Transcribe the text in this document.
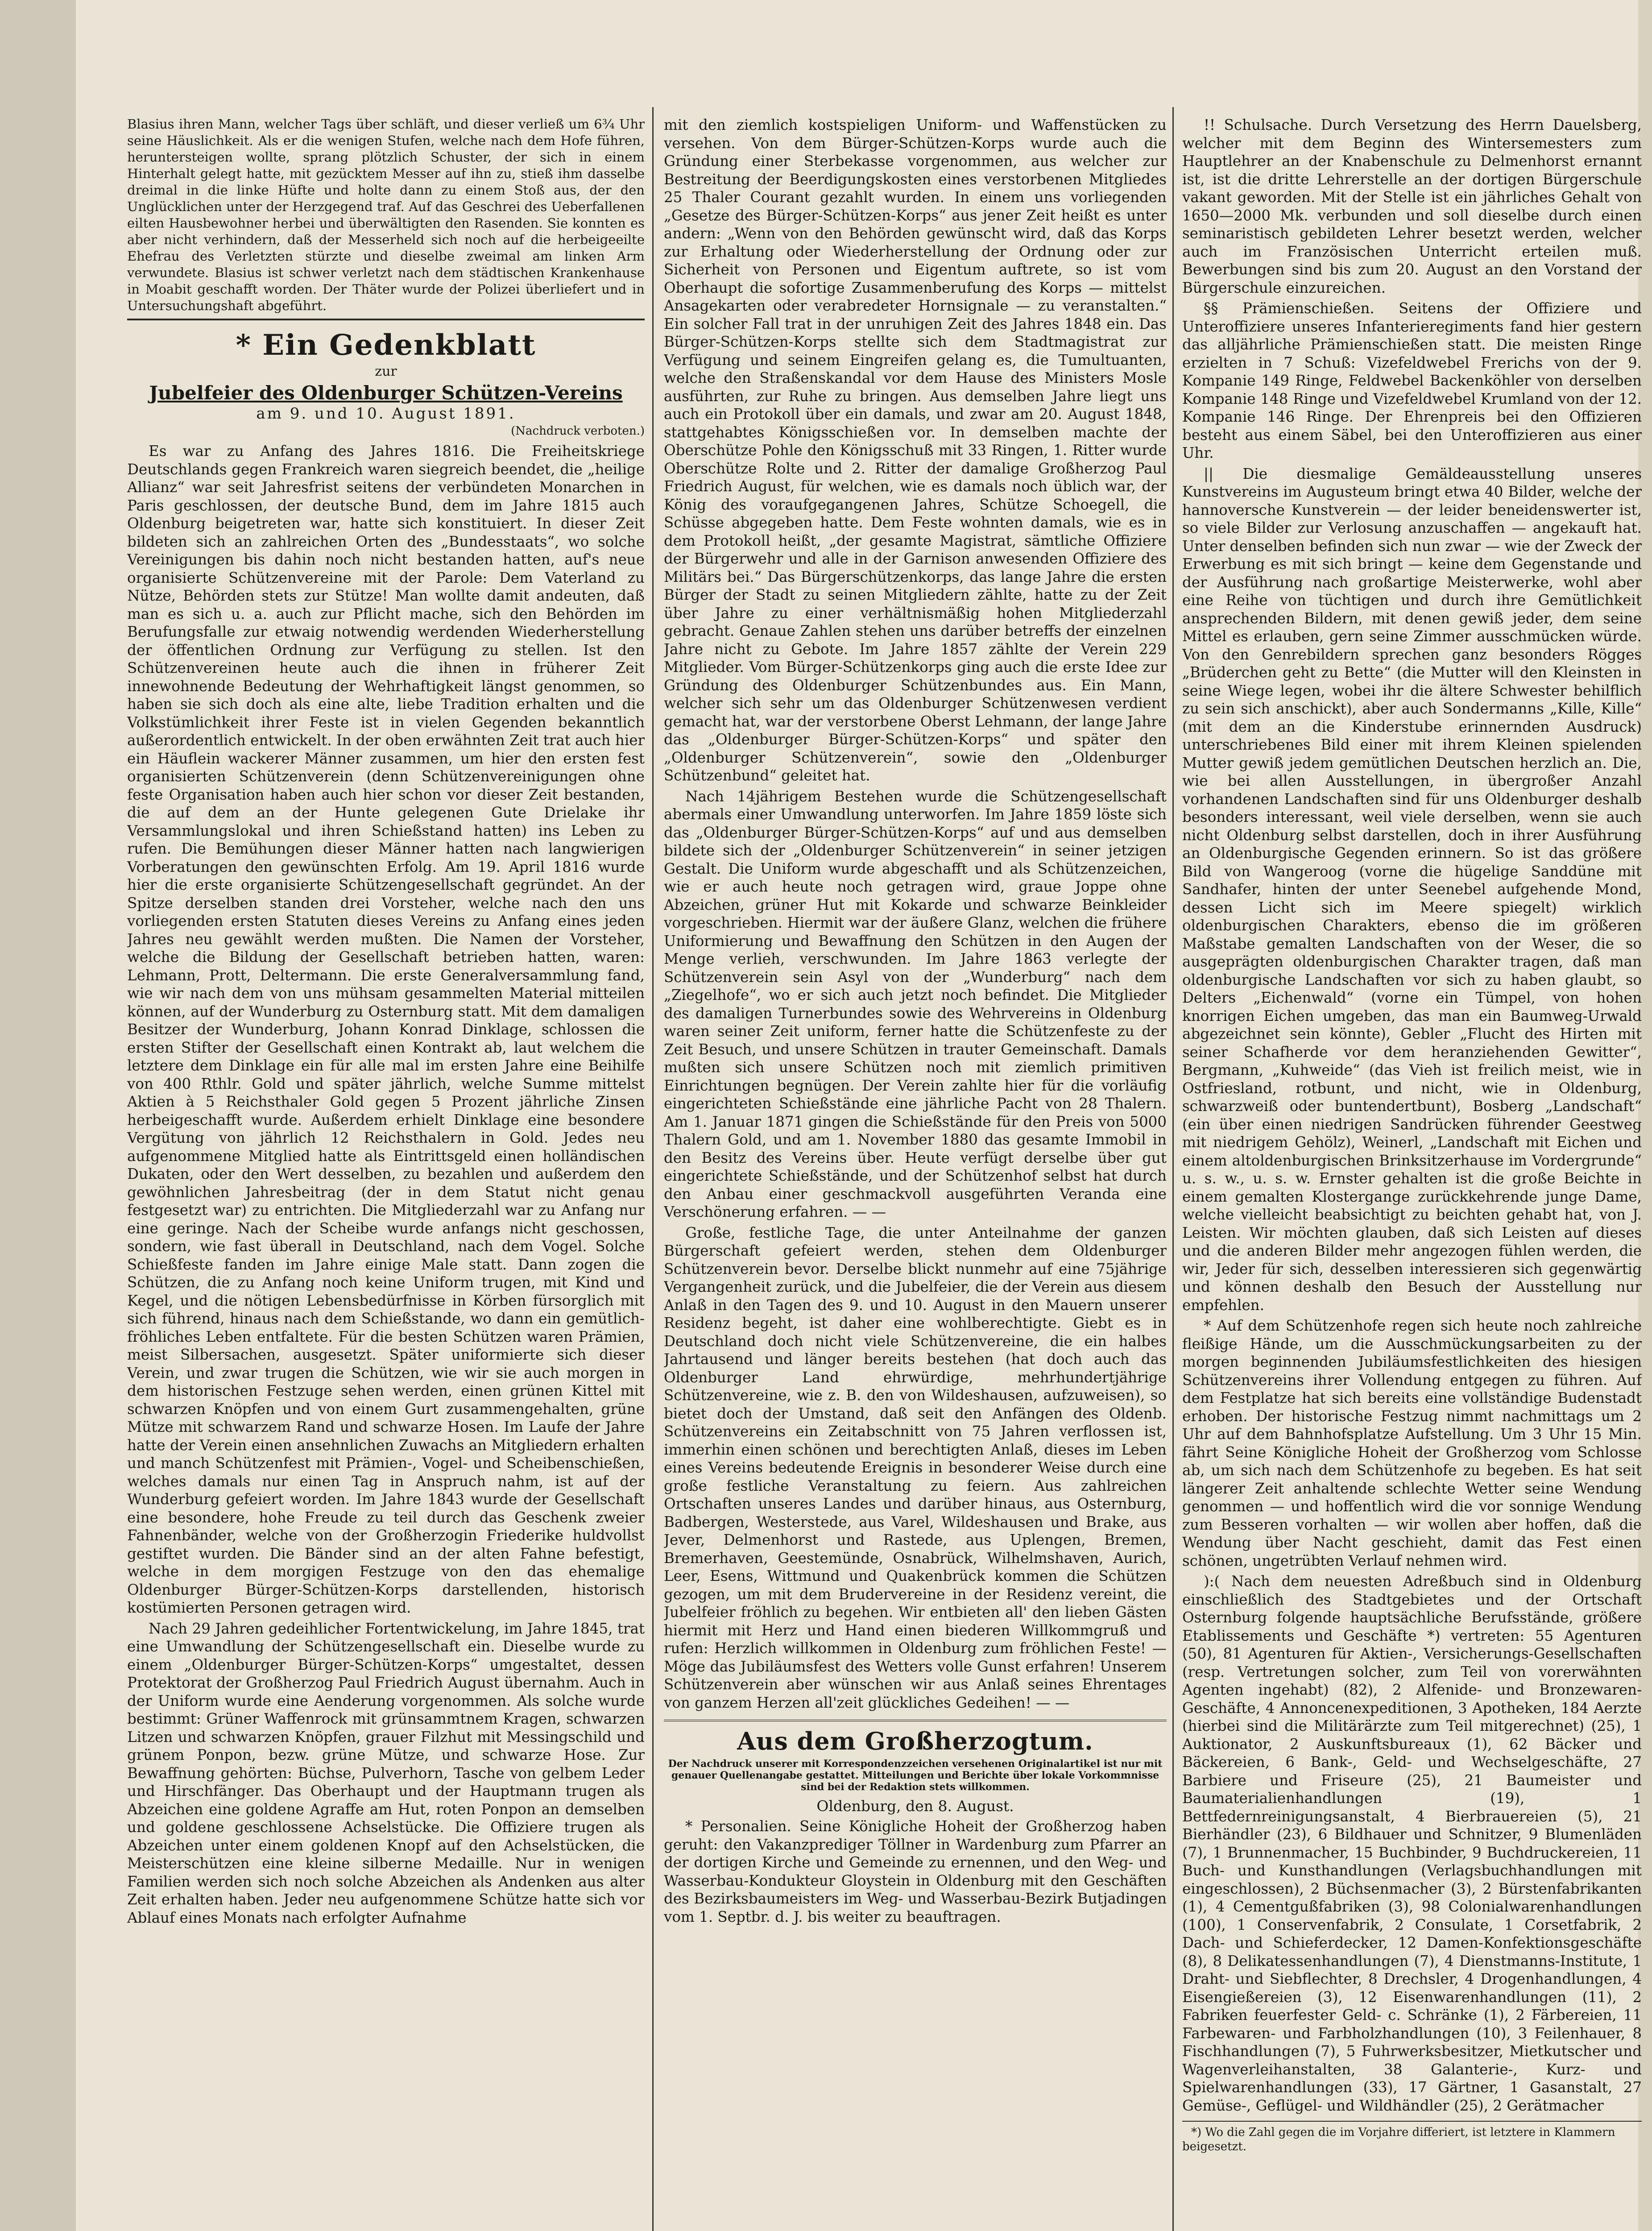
Blasius ihren Mann, welcher Tags über schläft, und dieser verließ um 6¾ Uhr seine Häuslichkeit. Als er die wenigen Stufen, welche nach dem Hofe führen, heruntersteigen wollte, sprang plötzlich Schuster, der sich in einem Hinterhalt gelegt hatte, mit gezücktem Messer auf ihn zu, stieß ihm dasselbe dreimal in die linke Hüfte und holte dann zu einem Stoß aus, der den Unglücklichen unter der Herzgegend traf. Auf das Geschrei des Ueberfallenen eilten Hausbewohner herbei und überwältigten den Rasenden. Sie konnten es aber nicht verhindern, daß der Messerheld sich noch auf die herbeigeeilte Ehefrau des Verletzten stürzte und dieselbe zweimal am linken Arm verwundete. Blasius ist schwer verletzt nach dem städtischen Krankenhause in Moabit geschafft worden. Der Thäter wurde der Polizei überliefert und in Untersuchungshaft abgeführt.

* Ein Gedenkblatt
zur
Jubelfeier des Oldenburger Schützen-Vereins
am 9. und 10. August 1891.
(Nachdruck verboten.)

Es war zu Anfang des Jahres 1816. Die Freiheitskriege Deutschlands gegen Frankreich waren siegreich beendet, die „heilige Allianz“ war seit Jahresfrist seitens der verbündeten Monarchen in Paris geschlossen, der deutsche Bund, dem im Jahre 1815 auch Oldenburg beigetreten war, hatte sich konstituiert. In dieser Zeit bildeten sich an zahlreichen Orten des „Bundesstaats“, wo solche Vereinigungen bis dahin noch nicht bestanden hatten, auf's neue organisierte Schützenvereine mit der Parole: Dem Vaterland zu Nütze, Behörden stets zur Stütze! Man wollte damit andeuten, daß man es sich u. a. auch zur Pflicht mache, sich den Behörden im Berufungsfalle zur etwaig notwendig werdenden Wiederherstellung der öffentlichen Ordnung zur Verfügung zu stellen. Ist den Schützenvereinen heute auch die ihnen in früherer Zeit innewohnende Bedeutung der Wehrhaftigkeit längst genommen, so haben sie sich doch als eine alte, liebe Tradition erhalten und die Volkstümlichkeit ihrer Feste ist in vielen Gegenden bekanntlich außerordentlich entwickelt. In der oben erwähnten Zeit trat auch hier ein Häuflein wackerer Männer zusammen, um hier den ersten fest organisierten Schützenverein (denn Schützenvereinigungen ohne feste Organisation haben auch hier schon vor dieser Zeit bestanden, die auf dem an der Hunte gelegenen Gute Drielake ihr Versammlungslokal und ihren Schießstand hatten) ins Leben zu rufen. Die Bemühungen dieser Männer hatten nach langwierigen Vorberatungen den gewünschten Erfolg. Am 19. April 1816 wurde hier die erste organisierte Schützengesellschaft gegründet. An der Spitze derselben standen drei Vorsteher, welche nach den uns vorliegenden ersten Statuten dieses Vereins zu Anfang eines jeden Jahres neu gewählt werden mußten. Die Namen der Vorsteher, welche die Bildung der Gesellschaft betrieben hatten, waren: Lehmann, Prott, Deltermann. Die erste Generalversammlung fand, wie wir nach dem von uns mühsam gesammelten Material mitteilen können, auf der Wunderburg zu Osternburg statt. Mit dem damaligen Besitzer der Wunderburg, Johann Konrad Dinklage, schlossen die ersten Stifter der Gesellschaft einen Kontrakt ab, laut welchem die letztere dem Dinklage ein für alle mal im ersten Jahre eine Beihilfe von 400 Rthlr. Gold und später jährlich, welche Summe mittelst Aktien à 5 Reichsthaler Gold gegen 5 Prozent jährliche Zinsen herbeigeschafft wurde. Außerdem erhielt Dinklage eine besondere Vergütung von jährlich 12 Reichsthalern in Gold. Jedes neu aufgenommene Mitglied hatte als Eintrittsgeld einen holländischen Dukaten, oder den Wert desselben, zu bezahlen und außerdem den gewöhnlichen Jahresbeitrag (der in dem Statut nicht genau festgesetzt war) zu entrichten. Die Mitgliederzahl war zu Anfang nur eine geringe. Nach der Scheibe wurde anfangs nicht geschossen, sondern, wie fast überall in Deutschland, nach dem Vogel. Solche Schießfeste fanden im Jahre einige Male statt. Dann zogen die Schützen, die zu Anfang noch keine Uniform trugen, mit Kind und Kegel, und die nötigen Lebensbedürfnisse in Körben fürsorglich mit sich führend, hinaus nach dem Schießstande, wo dann ein gemütlich-fröhliches Leben entfaltete. Für die besten Schützen waren Prämien, meist Silbersachen, ausgesetzt. Später uniformierte sich dieser Verein, und zwar trugen die Schützen, wie wir sie auch morgen in dem historischen Festzuge sehen werden, einen grünen Kittel mit schwarzen Knöpfen und von einem Gurt zusammengehalten, grüne Mütze mit schwarzem Rand und schwarze Hosen. Im Laufe der Jahre hatte der Verein einen ansehnlichen Zuwachs an Mitgliedern erhalten und manch Schützenfest mit Prämien-, Vogel- und Scheibenschießen, welches damals nur einen Tag in Anspruch nahm, ist auf der Wunderburg gefeiert worden. Im Jahre 1843 wurde der Gesellschaft eine besondere, hohe Freude zu teil durch das Geschenk zweier Fahnenbänder, welche von der Großherzogin Friederike huldvollst gestiftet wurden. Die Bänder sind an der alten Fahne befestigt, welche in dem morgigen Festzuge von den das ehemalige Oldenburger Bürger-Schützen-Korps darstellenden, historisch kostümierten Personen getragen wird.

Nach 29 Jahren gedeihlicher Fortentwickelung, im Jahre 1845, trat eine Umwandlung der Schützengesellschaft ein. Dieselbe wurde zu einem „Oldenburger Bürger-Schützen-Korps“ umgestaltet, dessen Protektorat der Großherzog Paul Friedrich August übernahm. Auch in der Uniform wurde eine Aenderung vorgenommen. Als solche wurde bestimmt: Grüner Waffenrock mit grünsammtnem Kragen, schwarzen Litzen und schwarzen Knöpfen, grauer Filzhut mit Messingschild und grünem Ponpon, bezw. grüne Mütze, und schwarze Hose. Zur Bewaffnung gehörten: Büchse, Pulverhorn, Tasche von gelbem Leder und Hirschfänger. Das Oberhaupt und der Hauptmann trugen als Abzeichen eine goldene Agraffe am Hut, roten Ponpon an demselben und goldene geschlossene Achselstücke. Die Offiziere trugen als Abzeichen unter einem goldenen Knopf auf den Achselstücken, die Meisterschützen eine kleine silberne Medaille. Nur in wenigen Familien werden sich noch solche Abzeichen als Andenken aus alter Zeit erhalten haben. Jeder neu aufgenommene Schütze hatte sich vor Ablauf eines Monats nach erfolgter Aufnahme

mit den ziemlich kostspieligen Uniform- und Waffenstücken zu versehen. Von dem Bürger-Schützen-Korps wurde auch die Gründung einer Sterbekasse vorgenommen, aus welcher zur Bestreitung der Beerdigungskosten eines verstorbenen Mitgliedes 25 Thaler Courant gezahlt wurden. In einem uns vorliegenden „Gesetze des Bürger-Schützen-Korps“ aus jener Zeit heißt es unter andern: „Wenn von den Behörden gewünscht wird, daß das Korps zur Erhaltung oder Wiederherstellung der Ordnung oder zur Sicherheit von Personen und Eigentum auftrete, so ist vom Oberhaupt die sofortige Zusammenberufung des Korps — mittelst Ansagekarten oder verabredeter Hornsignale — zu veranstalten.“ Ein solcher Fall trat in der unruhigen Zeit des Jahres 1848 ein. Das Bürger-Schützen-Korps stellte sich dem Stadtmagistrat zur Verfügung und seinem Eingreifen gelang es, die Tumultuanten, welche den Straßenskandal vor dem Hause des Ministers Mosle ausführten, zur Ruhe zu bringen. Aus demselben Jahre liegt uns auch ein Protokoll über ein damals, und zwar am 20. August 1848, stattgehabtes Königsschießen vor. In demselben machte der Oberschütze Pohle den Königsschuß mit 33 Ringen, 1. Ritter wurde Oberschütze Rolte und 2. Ritter der damalige Großherzog Paul Friedrich August, für welchen, wie es damals noch üblich war, der König des voraufgegangenen Jahres, Schütze Schoegell, die Schüsse abgegeben hatte. Dem Feste wohnten damals, wie es in dem Protokoll heißt, „der gesamte Magistrat, sämtliche Offiziere der Bürgerwehr und alle in der Garnison anwesenden Offiziere des Militärs bei.“ Das Bürgerschützenkorps, das lange Jahre die ersten Bürger der Stadt zu seinen Mitgliedern zählte, hatte zu der Zeit über Jahre zu einer verhältnismäßig hohen Mitgliederzahl gebracht. Genaue Zahlen stehen uns darüber betreffs der einzelnen Jahre nicht zu Gebote. Im Jahre 1857 zählte der Verein 229 Mitglieder. Vom Bürger-Schützenkorps ging auch die erste Idee zur Gründung des Oldenburger Schützenbundes aus. Ein Mann, welcher sich sehr um das Oldenburger Schützenwesen verdient gemacht hat, war der verstorbene Oberst Lehmann, der lange Jahre das „Oldenburger Bürger-Schützen-Korps“ und später den „Oldenburger Schützenverein“, sowie den „Oldenburger Schützenbund“ geleitet hat.

Nach 14jährigem Bestehen wurde die Schützengesellschaft abermals einer Umwandlung unterworfen. Im Jahre 1859 löste sich das „Oldenburger Bürger-Schützen-Korps“ auf und aus demselben bildete sich der „Oldenburger Schützenverein“ in seiner jetzigen Gestalt. Die Uniform wurde abgeschafft und als Schützenzeichen, wie er auch heute noch getragen wird, graue Joppe ohne Abzeichen, grüner Hut mit Kokarde und schwarze Beinkleider vorgeschrieben. Hiermit war der äußere Glanz, welchen die frühere Uniformierung und Bewaffnung den Schützen in den Augen der Menge verlieh, verschwunden. Im Jahre 1863 verlegte der Schützenverein sein Asyl von der „Wunderburg“ nach dem „Ziegelhofe“, wo er sich auch jetzt noch befindet. Die Mitglieder des damaligen Turnerbundes sowie des Wehrvereins in Oldenburg waren seiner Zeit uniform, ferner hatte die Schützenfeste zu der Zeit Besuch, und unsere Schützen in trauter Gemeinschaft. Damals mußten sich unsere Schützen noch mit ziemlich primitiven Einrichtungen begnügen. Der Verein zahlte hier für die vorläufig eingerichteten Schießstände eine jährliche Pacht von 28 Thalern. Am 1. Januar 1871 gingen die Schießstände für den Preis von 5000 Thalern Gold, und am 1. November 1880 das gesamte Immobil in den Besitz des Vereins über. Heute verfügt derselbe über gut eingerichtete Schießstände, und der Schützenhof selbst hat durch den Anbau einer geschmackvoll ausgeführten Veranda eine Verschönerung erfahren. — —

Große, festliche Tage, die unter Anteilnahme der ganzen Bürgerschaft gefeiert werden, stehen dem Oldenburger Schützenverein bevor. Derselbe blickt nunmehr auf eine 75jährige Vergangenheit zurück, und die Jubelfeier, die der Verein aus diesem Anlaß in den Tagen des 9. und 10. August in den Mauern unserer Residenz begeht, ist daher eine wohlberechtigte. Giebt es in Deutschland doch nicht viele Schützenvereine, die ein halbes Jahrtausend und länger bereits bestehen (hat doch auch das Oldenburger Land ehrwürdige, mehrhundertjährige Schützenvereine, wie z. B. den von Wildeshausen, aufzuweisen), so bietet doch der Umstand, daß seit den Anfängen des Oldenb. Schützenvereins ein Zeitabschnitt von 75 Jahren verflossen ist, immerhin einen schönen und berechtigten Anlaß, dieses im Leben eines Vereins bedeutende Ereignis in besonderer Weise durch eine große festliche Veranstaltung zu feiern. Aus zahlreichen Ortschaften unseres Landes und darüber hinaus, aus Osternburg, Badbergen, Westerstede, aus Varel, Wildeshausen und Brake, aus Jever, Delmenhorst und Rastede, aus Uplengen, Bremen, Bremerhaven, Geestemünde, Osnabrück, Wilhelmshaven, Aurich, Leer, Esens, Wittmund und Quakenbrück kommen die Schützen gezogen, um mit dem Brudervereine in der Residenz vereint, die Jubelfeier fröhlich zu begehen. Wir entbieten all' den lieben Gästen hiermit mit Herz und Hand einen biederen Willkommgruß und rufen: Herzlich willkommen in Oldenburg zum fröhlichen Feste! — Möge das Jubiläumsfest des Wetters volle Gunst erfahren! Unserem Schützenverein aber wünschen wir aus Anlaß seines Ehrentages von ganzem Herzen all'zeit glückliches Gedeihen! — —

Aus dem Großherzogtum.
Der Nachdruck unserer mit Korrespondenzzeichen versehenen Originalartikel ist nur mit genauer Quellenangabe gestattet. Mitteilungen und Berichte über lokale Vorkommnisse sind bei der Redaktion stets willkommen.
Oldenburg, den 8. August.

* Personalien. Seine Königliche Hoheit der Großherzog haben geruht: den Vakanzprediger Töllner in Wardenburg zum Pfarrer an der dortigen Kirche und Gemeinde zu ernennen, und den Weg- und Wasserbau-Kondukteur Gloystein in Oldenburg mit den Geschäften des Bezirksbaumeisters im Weg- und Wasserbau-Bezirk Butjadingen vom 1. Septbr. d. J. bis weiter zu beauftragen.

!! Schulsache. Durch Versetzung des Herrn Dauelsberg, welcher mit dem Beginn des Wintersemesters zum Hauptlehrer an der Knabenschule zu Delmenhorst ernannt ist, ist die dritte Lehrerstelle an der dortigen Bürgerschule vakant geworden. Mit der Stelle ist ein jährliches Gehalt von 1650—2000 Mk. verbunden und soll dieselbe durch einen seminaristisch gebildeten Lehrer besetzt werden, welcher auch im Französischen Unterricht erteilen muß. Bewerbungen sind bis zum 20. August an den Vorstand der Bürgerschule einzureichen.

§§ Prämienschießen. Seitens der Offiziere und Unteroffiziere unseres Infanterieregiments fand hier gestern das alljährliche Prämienschießen statt. Die meisten Ringe erzielten in 7 Schuß: Vizefeldwebel Frerichs von der 9. Kompanie 149 Ringe, Feldwebel Backenköhler von derselben Kompanie 148 Ringe und Vizefeldwebel Krumland von der 12. Kompanie 146 Ringe. Der Ehrenpreis bei den Offizieren besteht aus einem Säbel, bei den Unteroffizieren aus einer Uhr.

|| Die diesmalige Gemäldeausstellung unseres Kunstvereins im Augusteum bringt etwa 40 Bilder, welche der hannoversche Kunstverein — der leider beneidenswerter ist, so viele Bilder zur Verlosung anzuschaffen — angekauft hat. Unter denselben befinden sich nun zwar — wie der Zweck der Erwerbung es mit sich bringt — keine dem Gegenstande und der Ausführung nach großartige Meisterwerke, wohl aber eine Reihe von tüchtigen und durch ihre Gemütlichkeit ansprechenden Bildern, mit denen gewiß jeder, dem seine Mittel es erlauben, gern seine Zimmer ausschmücken würde. Von den Genrebildern sprechen ganz besonders Rögges „Brüderchen geht zu Bette“ (die Mutter will den Kleinsten in seine Wiege legen, wobei ihr die ältere Schwester behilflich zu sein sich anschickt), aber auch Sondermanns „Kille, Kille“ (mit dem an die Kinderstube erinnernden Ausdruck) unterschriebenes Bild einer mit ihrem Kleinen spielenden Mutter gewiß jedem gemütlichen Deutschen herzlich an. Die, wie bei allen Ausstellungen, in übergroßer Anzahl vorhandenen Landschaften sind für uns Oldenburger deshalb besonders interessant, weil viele derselben, wenn sie auch nicht Oldenburg selbst darstellen, doch in ihrer Ausführung an Oldenburgische Gegenden erinnern. So ist das größere Bild von Wangeroog (vorne die hügelige Sanddüne mit Sandhafer, hinten der unter Seenebel aufgehende Mond, dessen Licht sich im Meere spiegelt) wirklich oldenburgischen Charakters, ebenso die im größeren Maßstabe gemalten Landschaften von der Weser, die so ausgeprägten oldenburgischen Charakter tragen, daß man oldenburgische Landschaften vor sich zu haben glaubt, so Delters „Eichenwald“ (vorne ein Tümpel, von hohen knorrigen Eichen umgeben, das man ein Baumweg-Urwald abgezeichnet sein könnte), Gebler „Flucht des Hirten mit seiner Schafherde vor dem heranziehenden Gewitter“, Bergmann, „Kuhweide“ (das Vieh ist freilich meist, wie in Ostfriesland, rotbunt, und nicht, wie in Oldenburg, schwarzweiß oder buntendertbunt), Bosberg „Landschaft“ (ein über einen niedrigen Sandrücken führender Geestweg mit niedrigem Gehölz), Weinerl, „Landschaft mit Eichen und einem altoldenburgischen Brinksitzerhause im Vordergrunde“ u. s. w., u. s. w. Ernster gehalten ist die große Beichte in einem gemalten Klostergange zurückkehrende junge Dame, welche vielleicht beabsichtigt zu beichten gehabt hat, von J. Leisten. Wir möchten glauben, daß sich Leisten auf dieses und die anderen Bilder mehr angezogen fühlen werden, die wir, Jeder für sich, desselben interessieren sich gegenwärtig und können deshalb den Besuch der Ausstellung nur empfehlen.

* Auf dem Schützenhofe regen sich heute noch zahlreiche fleißige Hände, um die Ausschmückungsarbeiten zu der morgen beginnenden Jubiläumsfestlichkeiten des hiesigen Schützenvereins ihrer Vollendung entgegen zu führen. Auf dem Festplatze hat sich bereits eine vollständige Budenstadt erhoben. Der historische Festzug nimmt nachmittags um 2 Uhr auf dem Bahnhofsplatze Aufstellung. Um 3 Uhr 15 Min. fährt Seine Königliche Hoheit der Großherzog vom Schlosse ab, um sich nach dem Schützenhofe zu begeben. Es hat seit längerer Zeit anhaltende schlechte Wetter seine Wendung genommen — und hoffentlich wird die vor sonnige Wendung zum Besseren vorhalten — wir wollen aber hoffen, daß die Wendung über Nacht geschieht, damit das Fest einen schönen, ungetrübten Verlauf nehmen wird.

):( Nach dem neuesten Adreßbuch sind in Oldenburg einschließlich des Stadtgebietes und der Ortschaft Osternburg folgende hauptsächliche Berufsstände, größere Etablissements und Geschäfte *) vertreten: 55 Agenturen (50), 81 Agenturen für Aktien-, Versicherungs-Gesellschaften (resp. Vertretungen solcher, zum Teil von vorerwähnten Agenten ingehabt) (82), 2 Alfenide- und Bronzewaren-Geschäfte, 4 Annoncenexpeditionen, 3 Apotheken, 184 Aerzte (hierbei sind die Militärärzte zum Teil mitgerechnet) (25), 1 Auktionator, 2 Auskunftsbureaux (1), 62 Bäcker und Bäckereien, 6 Bank-, Geld- und Wechselgeschäfte, 27 Barbiere und Friseure (25), 21 Baumeister und Baumaterialienhandlungen (19), 1 Bettfedernreinigungsanstalt, 4 Bierbrauereien (5), 21 Bierhändler (23), 6 Bildhauer und Schnitzer, 9 Blumenläden (7), 1 Brunnenmacher, 15 Buchbinder, 9 Buchdruckereien, 11 Buch- und Kunsthandlungen (Verlagsbuchhandlungen mit eingeschlossen), 2 Büchsenmacher (3), 2 Bürstenfabrikanten (1), 4 Cementgußfabriken (3), 98 Colonialwarenhandlungen (100), 1 Conservenfabrik, 2 Consulate, 1 Corsetfabrik, 2 Dach- und Schieferdecker, 12 Damen-Konfektionsgeschäfte (8), 8 Delikatessenhandlungen (7), 4 Dienstmanns-Institute, 1 Draht- und Siebflechter, 8 Drechsler, 4 Drogenhandlungen, 4 Eisengießereien (3), 12 Eisenwarenhandlungen (11), 2 Fabriken feuerfester Geld- c. Schränke (1), 2 Färbereien, 11 Farbewaren- und Farbholzhandlungen (10), 3 Feilenhauer, 8 Fischhandlungen (7), 5 Fuhrwerksbesitzer, Mietkutscher und Wagenverleihanstalten, 38 Galanterie-, Kurz- und Spielwarenhandlungen (33), 17 Gärtner, 1 Gasanstalt, 27 Gemüse-, Geflügel- und Wildhändler (25), 2 Gerätmacher

*) Wo die Zahl gegen die im Vorjahre differiert, ist letztere in Klammern beigesetzt.
